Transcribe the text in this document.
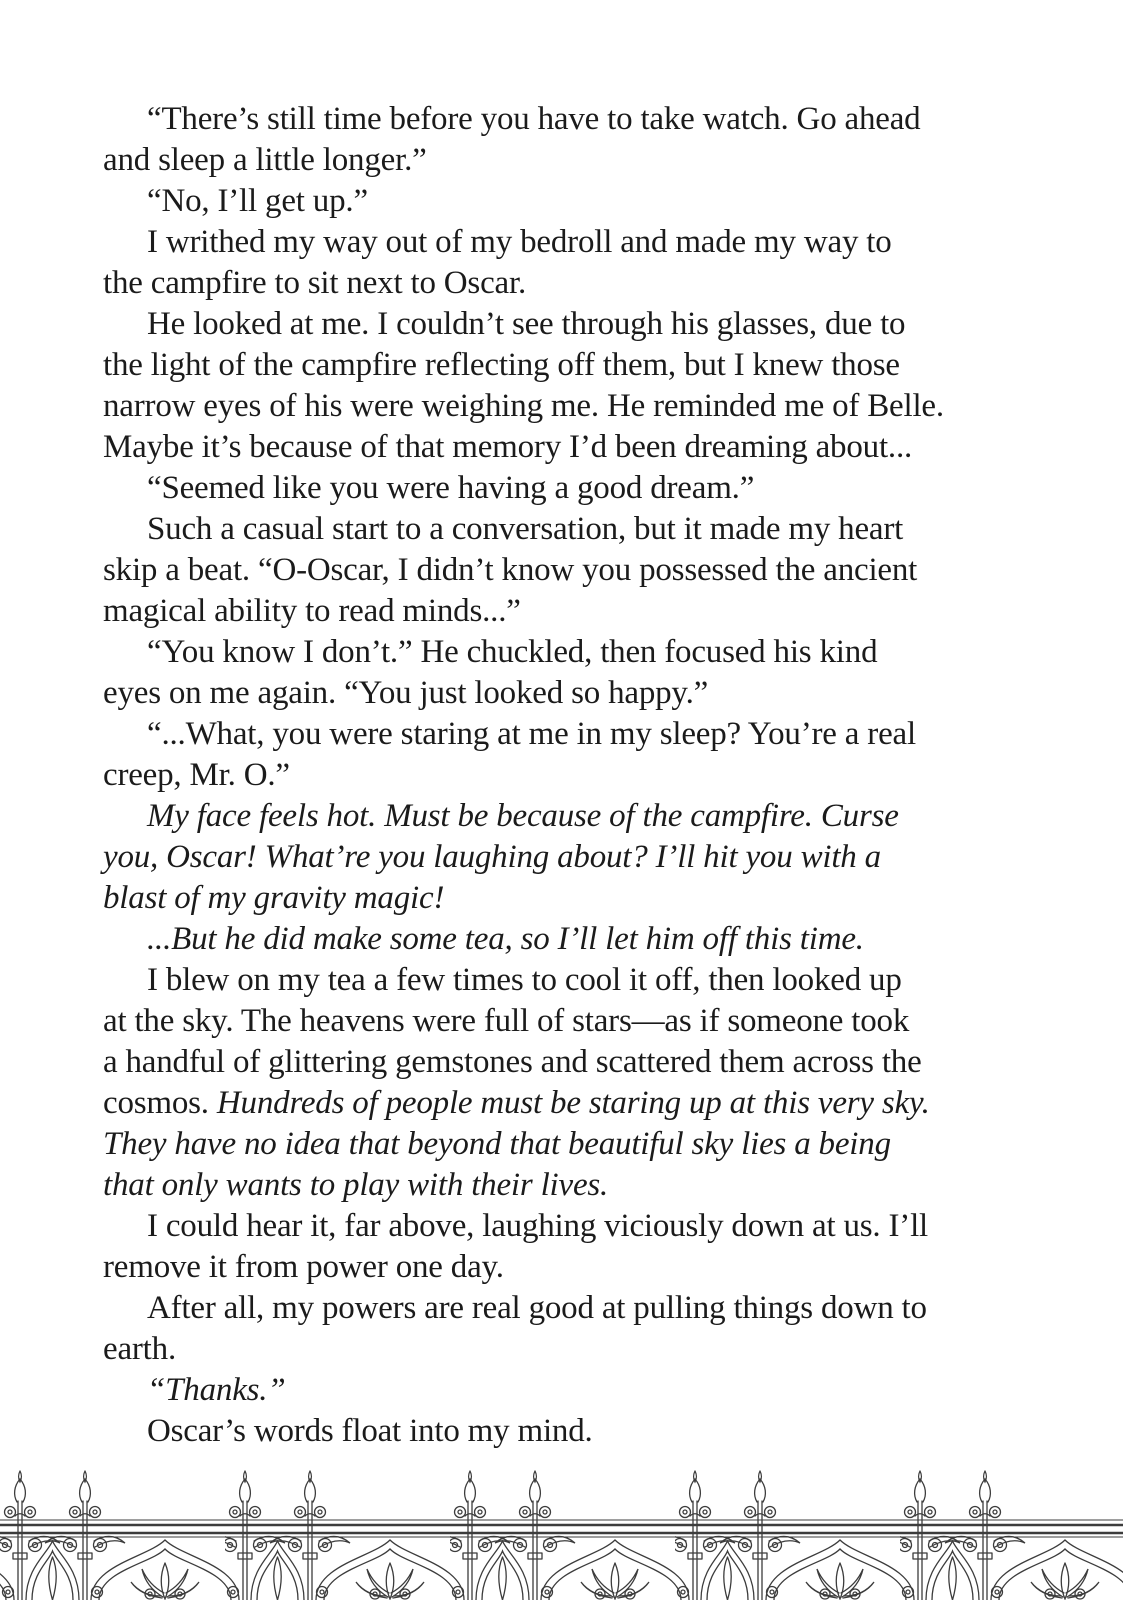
“There’s still time before you have to take watch. Go ahead
and sleep a little longer.”
“No, I’ll get up.”
I writhed my way out of my bedroll and made my way to
the campfire to sit next to Oscar.
He looked at me. I couldn’t see through his glasses, due to
the light of the campfire reflecting off them, but I knew those
narrow eyes of his were weighing me. He reminded me of Belle.
Maybe it’s because of that memory I’d been dreaming about...
“Seemed like you were having a good dream.”
Such a casual start to a conversation, but it made my heart
skip a beat. “O-Oscar, I didn’t know you possessed the ancient
magical ability to read minds...”
“You know I don’t.” He chuckled, then focused his kind
eyes on me again. “You just looked so happy.”
“...What, you were staring at me in my sleep? You’re a real
creep, Mr. O.”
My face feels hot. Must be because of the campfire. Curse
you, Oscar! What’re you laughing about? I’ll hit you with a
blast of my gravity magic!
...But he did make some tea, so I’ll let him off this time.
I blew on my tea a few times to cool it off, then looked up
at the sky. The heavens were full of stars—as if someone took
a handful of glittering gemstones and scattered them across the
cosmos. Hundreds of people must be staring up at this very sky.
They have no idea that beyond that beautiful sky lies a being
that only wants to play with their lives.
I could hear it, far above, laughing viciously down at us. I’ll
remove it from power one day.
After all, my powers are real good at pulling things down to
earth.
“Thanks.”
Oscar’s words float into my mind.
